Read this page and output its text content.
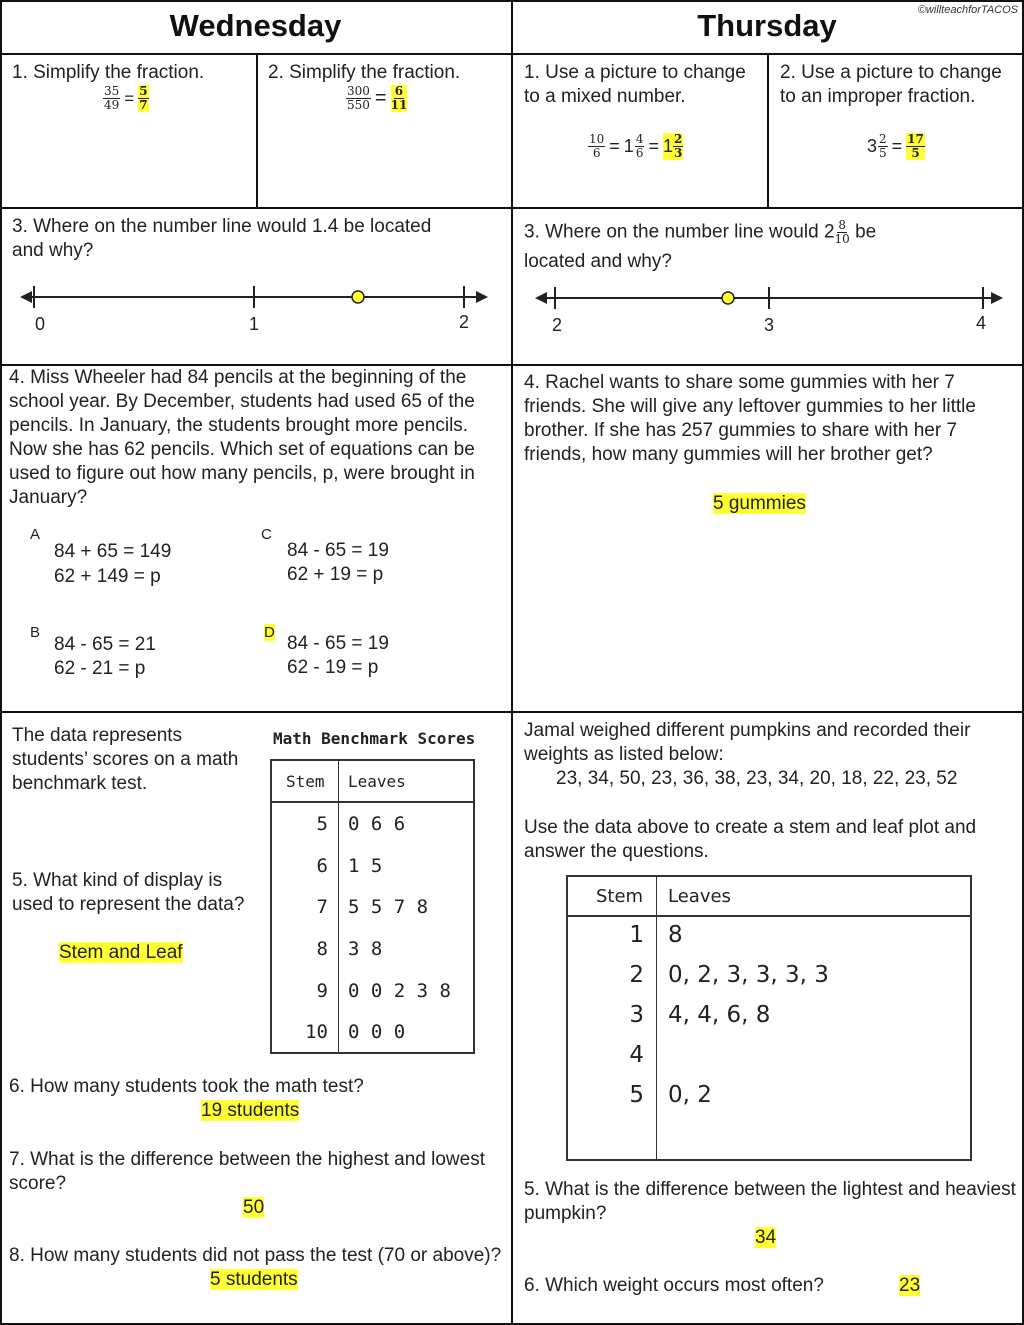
©willteachforTACOS
Wednesday	Thursday
1. Simplify the fraction.
$\frac{35}{49} = \frac{5}{7}$
2. Simplify the fraction.
$\frac{300}{550} = \frac{6}{11}$
1. Use a picture to change to a mixed number.
$\frac{10}{6} = 1 \frac{4}{6} = 1 \frac{2}{3}$
2. Use a picture to change to an improper fraction.
$3 \frac{2}{5} = \frac{17}{5}$
3. Where on the number line would 1.4 be located and why?
0	1	2
3. Where on the number line would $2 \frac{8}{10}$ be
located and why?
2	3	4
4. Miss Wheeler had 84 pencils at the beginning of the school year. By December, students had used 65 of the pencils. In January, the students brought more pencils. Now she has 62 pencils. Which set of equations can be used to figure out how many pencils, p, were brought in January?
A
84 + 65 = 149
62 + 149 = p
B
84 - 65 = 21
62 - 21 = p
C
84 - 65 = 19
62 + 19 = p
D
84 - 65 = 19
62 - 19 = p
4. Rachel wants to share some gummies with her 7 friends. She will give any leftover gummies to her little brother. If she has 257 gummies to share with her 7 friends, how many gummies will her brother get?
5 gummies
The data represents students’ scores on a math benchmark test.
Math Benchmark Scores
Stem Leaves
5 0 6 6
6 1 5
7 5 5 7 8
8 3 8
9 0 0 2 3 8
10 0 0 0
5. What kind of display is used to represent the data?
Stem and Leaf
6. How many students took the math test?
19 students
7. What is the difference between the highest and lowest score?
50
8. How many students did not pass the test (70 or above)?
5 students
Jamal weighed different pumpkins and recorded their weights as listed below:
23, 34, 50, 23, 36, 38, 23, 34, 20, 18, 22, 23, 52
Use the data above to create a stem and leaf plot and answer the questions.
Stem Leaves
1 8
2 0, 2, 3, 3, 3, 3
3 4, 4, 6, 8
4
5 0, 2
5. What is the difference between the lightest and heaviest pumpkin?
34
6. Which weight occurs most often?	23
